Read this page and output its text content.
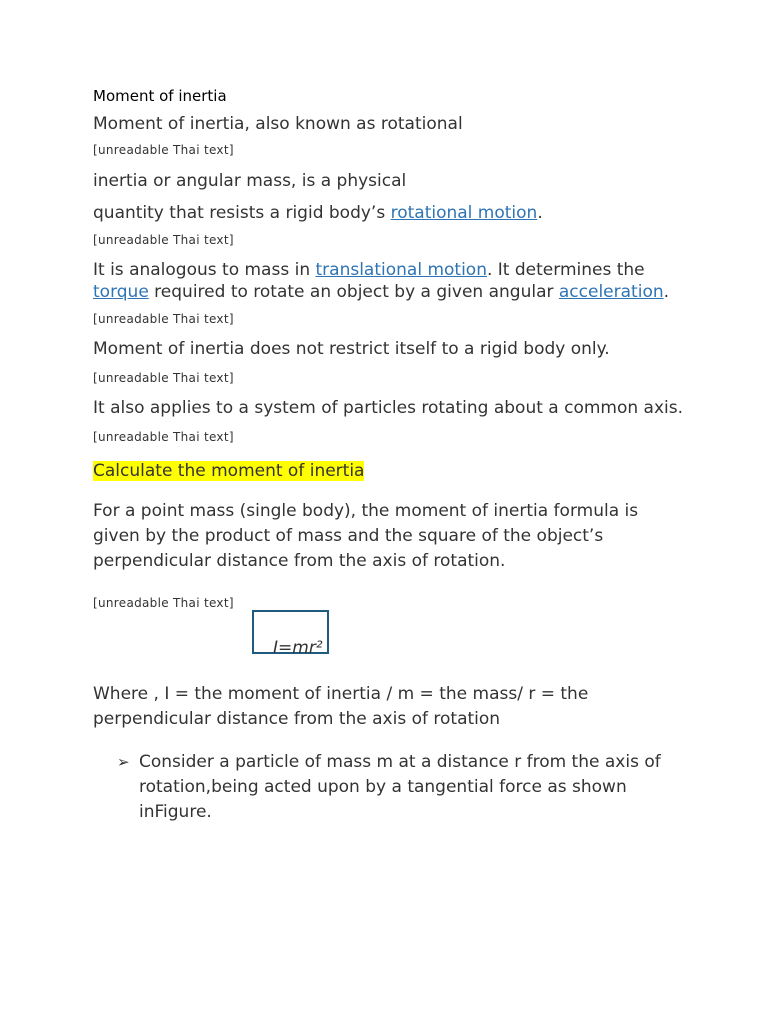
Moment of inertia

Moment of inertia, also known as rotational

[unreadable Thai text]

inertia or angular mass, is a physical

quantity that resists a rigid body’s rotational motion.

[unreadable Thai text]

It is analogous to mass in translational motion. It determines the torque required to rotate an object by a given angular acceleration.

[unreadable Thai text]

Moment of inertia does not restrict itself to a rigid body only.

[unreadable Thai text]

It also applies to a system of particles rotating about a common axis.

[unreadable Thai text]

Calculate the moment of inertia

For a point mass (single body), the moment of inertia formula is given by the product of mass and the square of the object’s perpendicular distance from the axis of rotation.

[unreadable Thai text]

I=mr²

Where , I = the moment of inertia / m = the mass/ r = the perpendicular distance from the axis of rotation

➢ Consider a particle of mass m at a distance r from the axis of rotation,being acted upon by a tangential force as shown inFigure.
